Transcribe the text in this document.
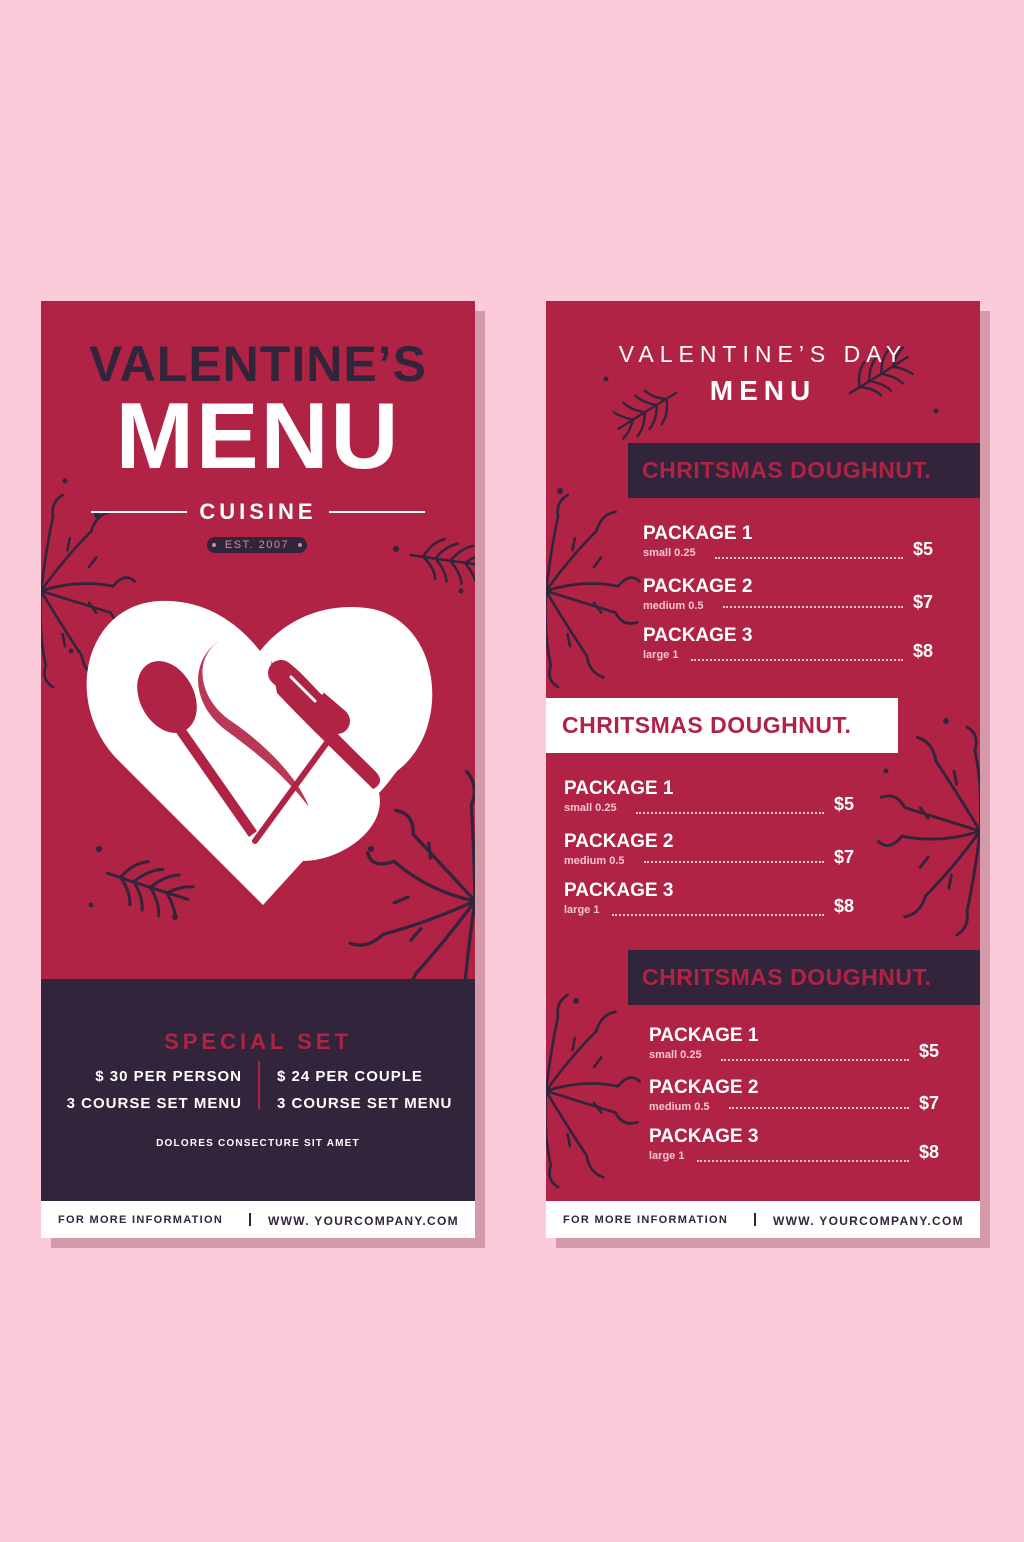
VALENTINE’S
MENU
CUISINE
EST. 2007
SPECIAL SET
$ 30 PER PERSON
3 COURSE SET MENU
$ 24 PER COUPLE
3 COURSE SET MENU
DOLORES CONSECTURE SIT AMET
FOR MORE INFORMATION	WWW. YOURCOMPANY.COM
VALENTINE’S DAY
MENU
CHRITSMAS DOUGHNUT.
PACKAGE 1
small 0.25	$5
PACKAGE 2
medium 0.5	$7
PACKAGE 3
large 1	$8
CHRITSMAS DOUGHNUT.
PACKAGE 1
small 0.25	$5
PACKAGE 2
medium 0.5	$7
PACKAGE 3
large 1	$8
CHRITSMAS DOUGHNUT.
PACKAGE 1
small 0.25	$5
PACKAGE 2
medium 0.5	$7
PACKAGE 3
large 1	$8
FOR MORE INFORMATION	WWW. YOURCOMPANY.COM
